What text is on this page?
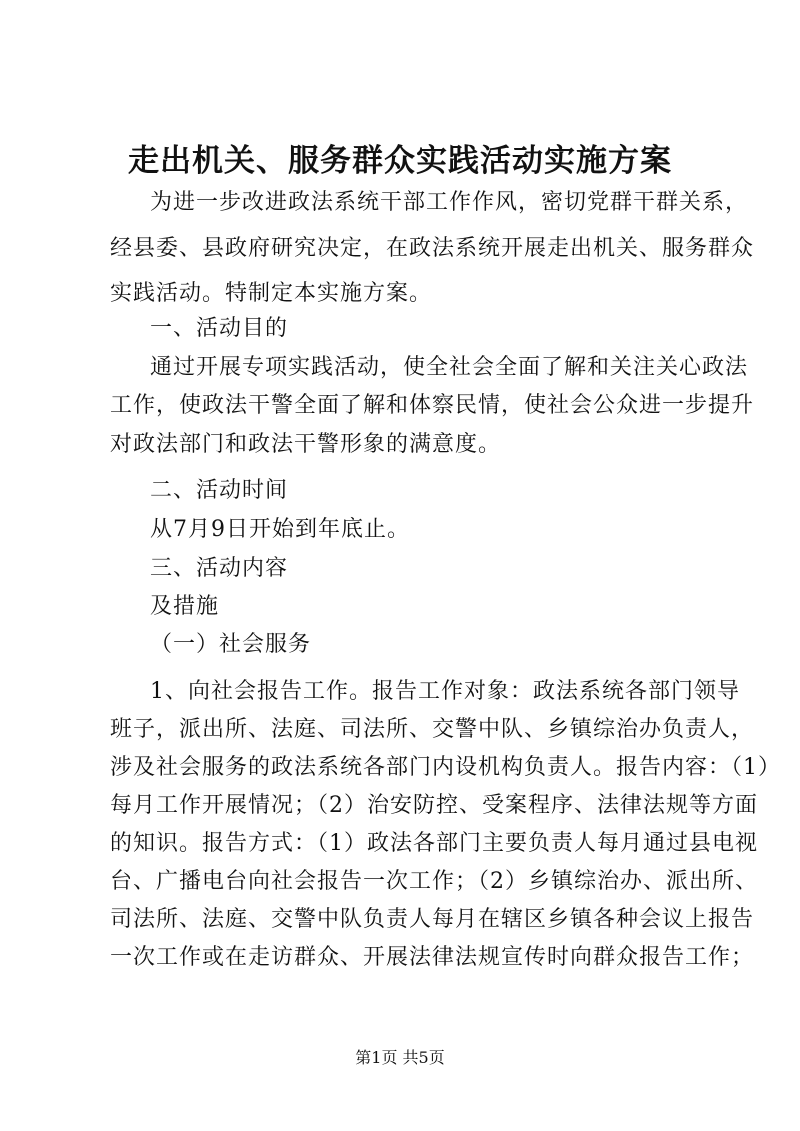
走出机关、服务群众实践活动实施方案
为进一步改进政法系统干部工作作风，密切党群干群关系，
经县委、县政府研究决定，在政法系统开展走出机关、服务群众
实践活动。特制定本实施方案。
一、活动目的
通过开展专项实践活动，使全社会全面了解和关注关心政法
工作，使政法干警全面了解和体察民情，使社会公众进一步提升
对政法部门和政法干警形象的满意度。
二、活动时间
从7月9日开始到年底止。
三、活动内容
及措施
（一）社会服务
1、向社会报告工作。报告工作对象：政法系统各部门领导
班子，派出所、法庭、司法所、交警中队、乡镇综治办负责人，
涉及社会服务的政法系统各部门内设机构负责人。报告内容：（1）
每月工作开展情况；（2）治安防控、受案程序、法律法规等方面
的知识。报告方式：（1）政法各部门主要负责人每月通过县电视
台、广播电台向社会报告一次工作；（2）乡镇综治办、派出所、
司法所、法庭、交警中队负责人每月在辖区乡镇各种会议上报告
一次工作或在走访群众、开展法律法规宣传时向群众报告工作；
第1页 共5页
